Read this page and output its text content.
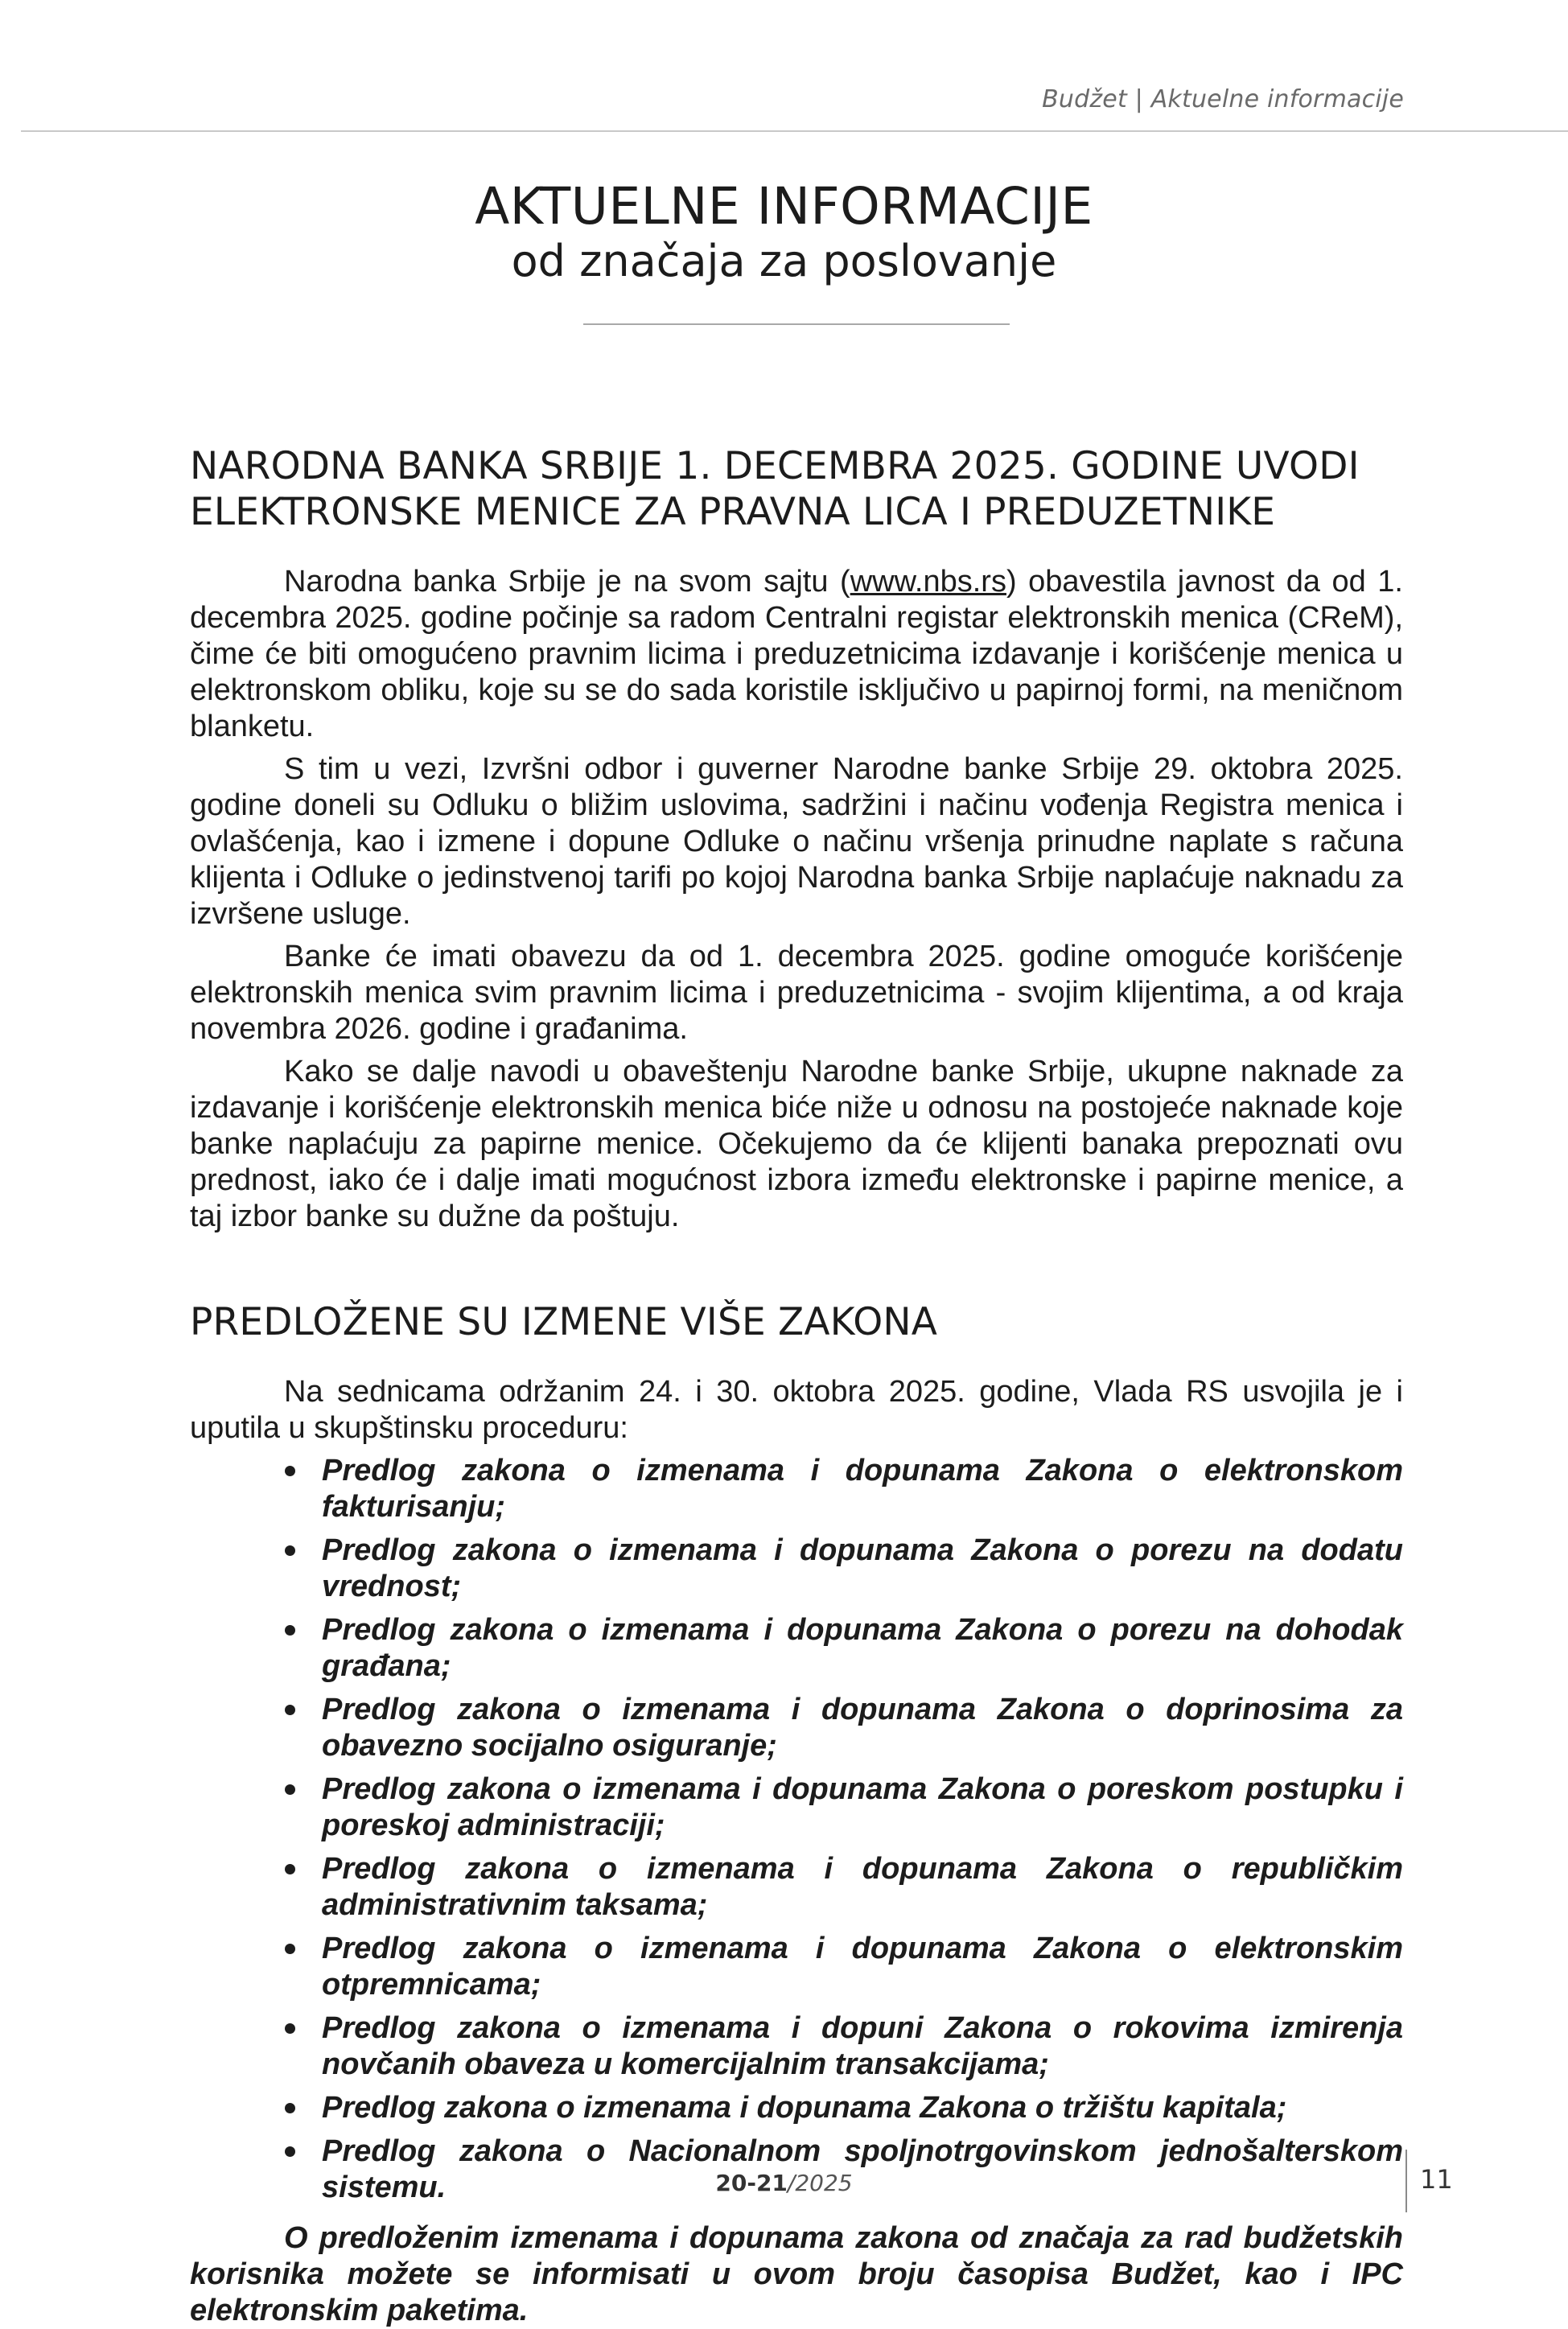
Budžet | Aktuelne informacije
AKTUELNE INFORMACIJE
od značaja za poslovanje
NARODNA BANKA SRBIJE 1. DECEMBRA 2025. GODINE UVODI
ELEKTRONSKE MENICE ZA PRAVNA LICA I PREDUZETNIKE

Narodna banka Srbije je na svom sajtu (www.nbs.rs) obavestila javnost da od 1. decembra 2025. godine počinje sa radom Centralni registar elektronskih menica (CReM), čime će biti omogućeno pravnim licima i preduzetnicima izdavanje i korišćenje menica u elektronskom obliku, koje su se do sada koristile isključivo u papirnoj formi, na meničnom blanketu.

S tim u vezi, Izvršni odbor i guverner Narodne banke Srbije 29. oktobra 2025. godine doneli su Odluku o bližim uslovima, sadržini i načinu vođenja Registra menica i ovlašćenja, kao i izmene i dopune Odluke o načinu vršenja prinudne naplate s računa klijenta i Odluke o jedinstvenoj tarifi po kojoj Narodna banka Srbije naplaćuje naknadu za izvršene usluge.

Banke će imati obavezu da od 1. decembra 2025. godine omoguće korišćenje elektronskih menica svim pravnim licima i preduzetnicima - svojim klijentima, a od kraja novembra 2026. godine i građanima.

Kako se dalje navodi u obaveštenju Narodne banke Srbije, ukupne naknade za izdavanje i korišćenje elektronskih menica biće niže u odnosu na postojeće naknade koje banke naplaćuju za papirne menice. Očekujemo da će klijenti banaka prepoznati ovu prednost, iako će i dalje imati mogućnost izbora između elektronske i papirne menice, a taj izbor banke su dužne da poštuju.

PREDLOŽENE SU IZMENE VIŠE ZAKONA

Na sednicama održanim 24. i 30. oktobra 2025. godine, Vlada RS usvojila je i uputila u skupštinsku proceduru:

Predlog zakona o izmenama i dopunama Zakona o elektronskom fakturisanju;
Predlog zakona o izmenama i dopunama Zakona o porezu na dodatu vrednost;
Predlog zakona o izmenama i dopunama Zakona o porezu na dohodak građana;
Predlog zakona o izmenama i dopunama Zakona o doprinosima za obavezno socijalno osiguranje;
Predlog zakona o izmenama i dopunama Zakona o poreskom postupku i poreskoj administraciji;
Predlog zakona o izmenama i dopunama Zakona o republičkim administrativnim taksama;
Predlog zakona o izmenama i dopunama Zakona o elektronskim otpremnicama;
Predlog zakona o izmenama i dopuni Zakona o rokovima izmirenja novčanih obaveza u komercijalnim transakcijama;
Predlog zakona o izmenama i dopunama Zakona o tržištu kapitala;
Predlog zakona o Nacionalnom spoljnotrgovinskom jednošalterskom sistemu.

O predloženim izmenama i dopunama zakona od značaja za rad budžetskih korisnika možete se informisati u ovom broju časopisa Budžet, kao i IPC elektronskim paketima.

20-21/2025	11
